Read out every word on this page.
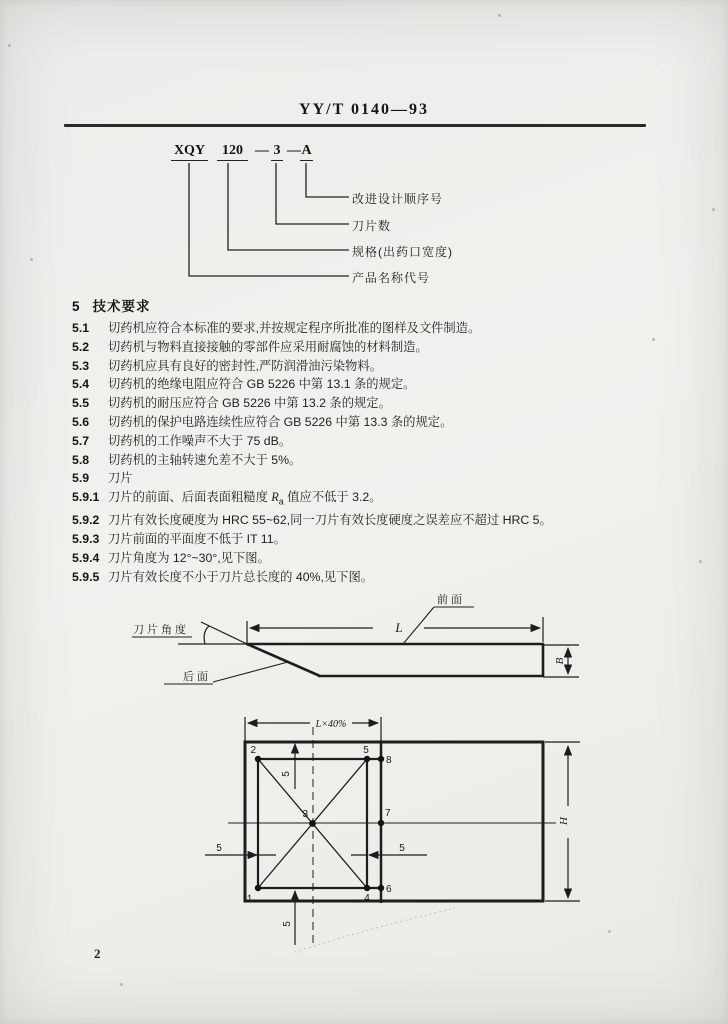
YY/T 0140—93
XQY	120 — 3 — A
改进设计顺序号
刀片数
规格(出药口宽度)
产品名称代号
5 技术要求
5.1 切药机应符合本标准的要求,并按规定程序所批准的图样及文件制造。
5.2 切药机与物料直接接触的零部件应采用耐腐蚀的材料制造。
5.3 切药机应具有良好的密封性,严防润滑油污染物料。
5.4 切药机的绝缘电阻应符合 GB 5226 中第 13.1 条的规定。
5.5 切药机的耐压应符合 GB 5226 中第 13.2 条的规定。
5.6 切药机的保护电路连续性应符合 GB 5226 中第 13.3 条的规定。
5.7 切药机的工作噪声不大于 75 dB。
5.8 切药机的主轴转速允差不大于 5%。
5.9 刀片
5.9.1 刀片的前面、后面表面粗糙度 $R_a$ 值应不低于 3.2。
5.9.2 刀片有效长度硬度为 HRC 55~62,同一刀片有效长度硬度之误差应不超过 HRC 5。
5.9.3 刀片前面的平面度不低于 IT 11。
5.9.4 刀片角度为 12°~30°,见下图。
5.9.5 刀片有效长度不小于刀片总长度的 40%,见下图。
L
B
刀片角度
后面
前面
L×40%
H
5
5
5	5
2	5
8
3	7
1	4
6
2
